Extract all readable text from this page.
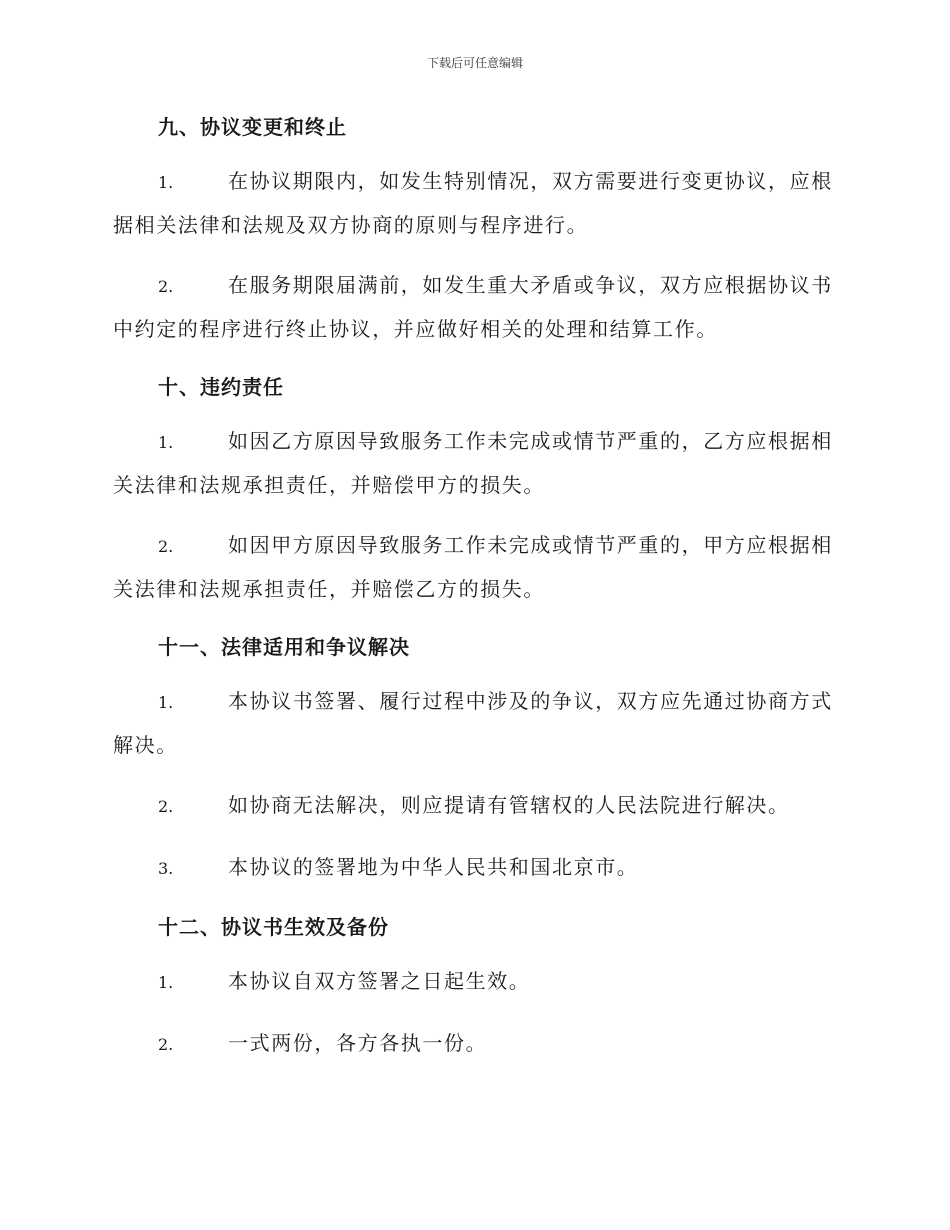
下载后可任意编辑
九、协议变更和终止
1.	在协议期限内，如发生特别情况，双方需要进行变更协议，应根据相关法律和法规及双方协商的原则与程序进行。
2.	在服务期限届满前，如发生重大矛盾或争议，双方应根据协议书中约定的程序进行终止协议，并应做好相关的处理和结算工作。
十、违约责任
1.	如因乙方原因导致服务工作未完成或情节严重的，乙方应根据相关法律和法规承担责任，并赔偿甲方的损失。
2.	如因甲方原因导致服务工作未完成或情节严重的，甲方应根据相关法律和法规承担责任，并赔偿乙方的损失。
十一、法律适用和争议解决
1.	本协议书签署、履行过程中涉及的争议，双方应先通过协商方式解决。
2.	如协商无法解决，则应提请有管辖权的人民法院进行解决。
3.	本协议的签署地为中华人民共和国北京市。
十二、协议书生效及备份
1.	本协议自双方签署之日起生效。
2.	一式两份，各方各执一份。
